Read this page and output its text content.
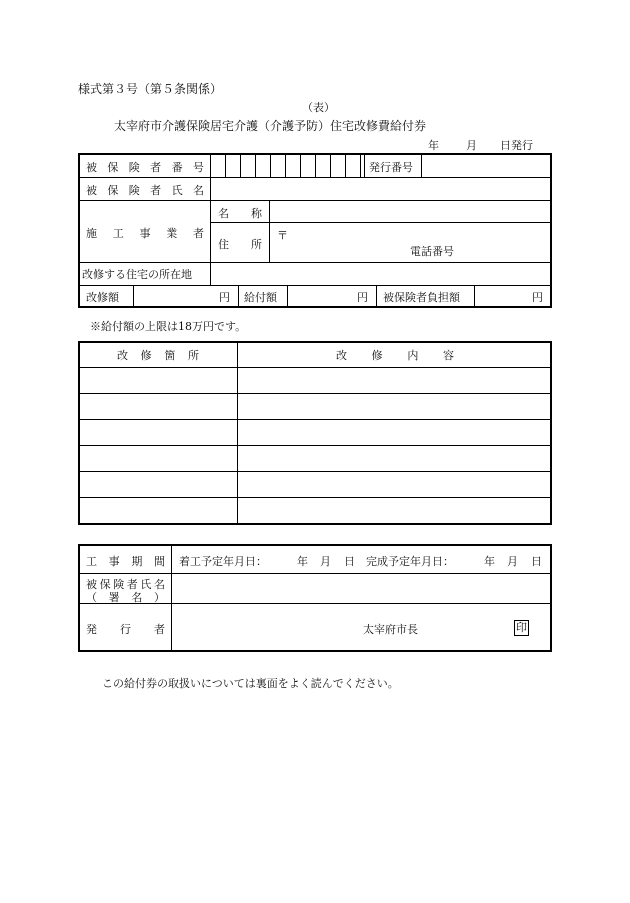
様式第３号（第５条関係）
（表）
太宰府市介護保険居宅介護（介護予防）住宅改修費給付券
年 月 日発行
被 保 険 者 番 号	発行番号
被 保 険 者 氏 名
施 工 事 業 者
名 称
住 所
〒
電話番号
改修する住宅の所在地
改修額	円 給付額	円 被保険者負担額	円
※給付額の上限は18万円です。
改 修 箇 所	改 修 内 容
工 事 期 間 着工予定年月日：	年 月 日 完成予定年月日：	年 月 日
被 保 険 者 氏 名
（ 署 名 ）
発 行 者	太宰府市長	印
この給付券の取扱いについては裏面をよく読んでください。
